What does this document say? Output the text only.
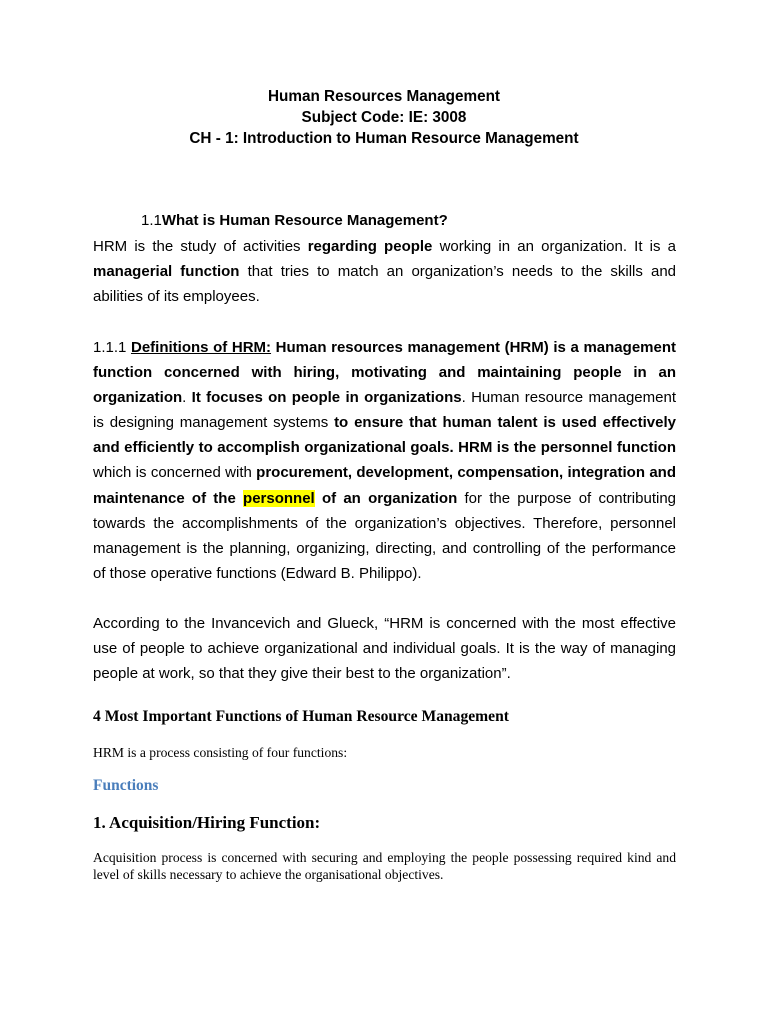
Human Resources Management
Subject Code: IE: 3008
CH - 1: Introduction to Human Resource Management
1.1What is Human Resource Management?
HRM is the study of activities regarding people working in an organization. It is a managerial function that tries to match an organization’s needs to the skills and abilities of its employees.
1.1.1 Definitions of HRM: Human resources management (HRM) is a management function concerned with hiring, motivating and maintaining people in an organization. It focuses on people in organizations. Human resource management is designing management systems to ensure that human talent is used effectively and efficiently to accomplish organizational goals. HRM is the personnel function which is concerned with procurement, development, compensation, integration and maintenance of the personnel of an organization for the purpose of contributing towards the accomplishments of the organization’s objectives. Therefore, personnel management is the planning, organizing, directing, and controlling of the performance of those operative functions (Edward B. Philippo).
According to the Invancevich and Glueck, “HRM is concerned with the most effective use of people to achieve organizational and individual goals. It is the way of managing people at work, so that they give their best to the organization”.
4 Most Important Functions of Human Resource Management
HRM is a process consisting of four functions:
Functions
1. Acquisition/Hiring Function:
Acquisition process is concerned with securing and employing the people possessing required kind and level of skills necessary to achieve the organisational objectives.
